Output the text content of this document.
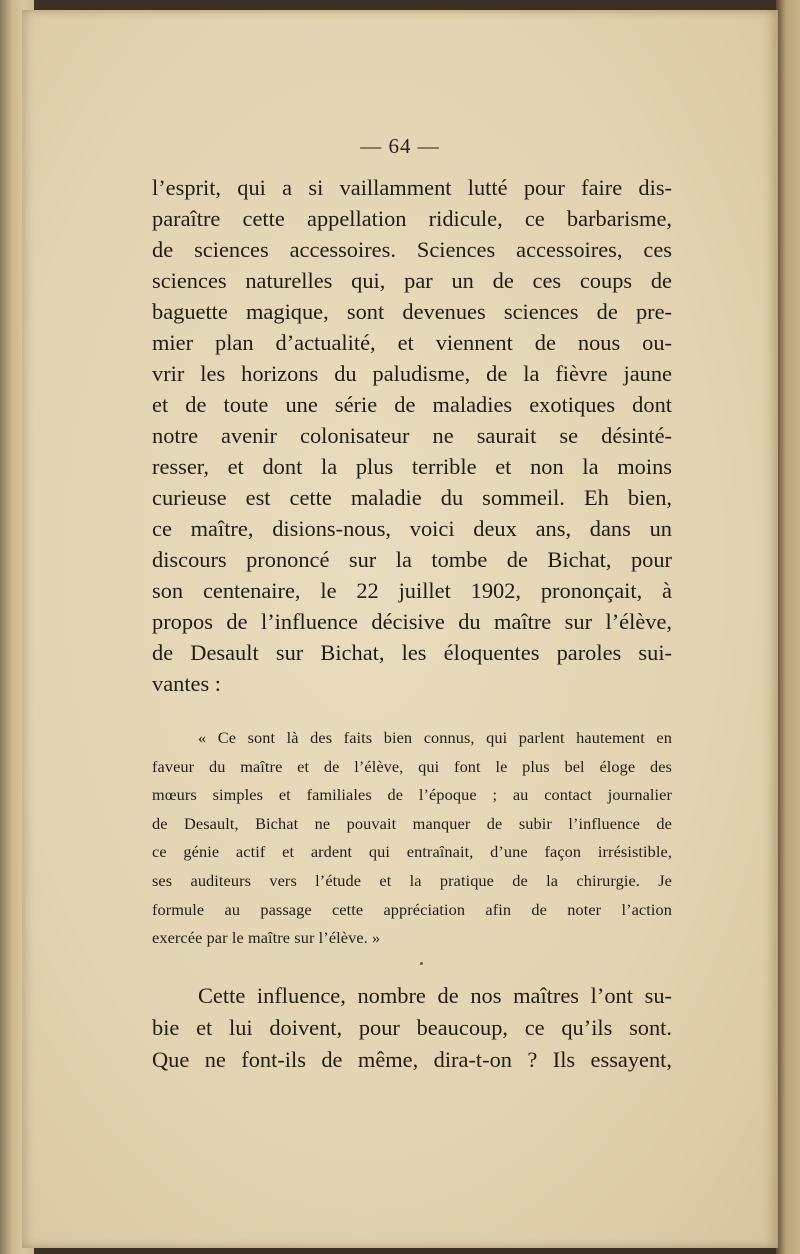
— 64 —
l’esprit, qui a si vaillamment lutté pour faire dis-
paraître cette appellation ridicule, ce barbarisme,
de sciences accessoires. Sciences accessoires, ces
sciences naturelles qui, par un de ces coups de
baguette magique, sont devenues sciences de pre-
mier plan d’actualité, et viennent de nous ou-
vrir les horizons du paludisme, de la fièvre jaune
et de toute une série de maladies exotiques dont
notre avenir colonisateur ne saurait se désinté-
resser, et dont la plus terrible et non la moins
curieuse est cette maladie du sommeil. Eh bien,
ce maître, disions-nous, voici deux ans, dans un
discours prononcé sur la tombe de Bichat, pour
son centenaire, le 22 juillet 1902, prononçait, à
propos de l’influence décisive du maître sur l’élève,
de Desault sur Bichat, les éloquentes paroles sui-
vantes :
« Ce sont là des faits bien connus, qui parlent hautement en
faveur du maître et de l’élève, qui font le plus bel éloge des
mœurs simples et familiales de l’époque ; au contact journalier
de Desault, Bichat ne pouvait manquer de subir l’influence de
ce génie actif et ardent qui entraînait, d’une façon irrésistible,
ses auditeurs vers l’étude et la pratique de la chirurgie. Je
formule au passage cette appréciation afin de noter l’action
exercée par le maître sur l’élève. »
Cette influence, nombre de nos maîtres l’ont su-
bie et lui doivent, pour beaucoup, ce qu’ils sont.
Que ne font-ils de même, dira-t-on ? Ils essayent,
